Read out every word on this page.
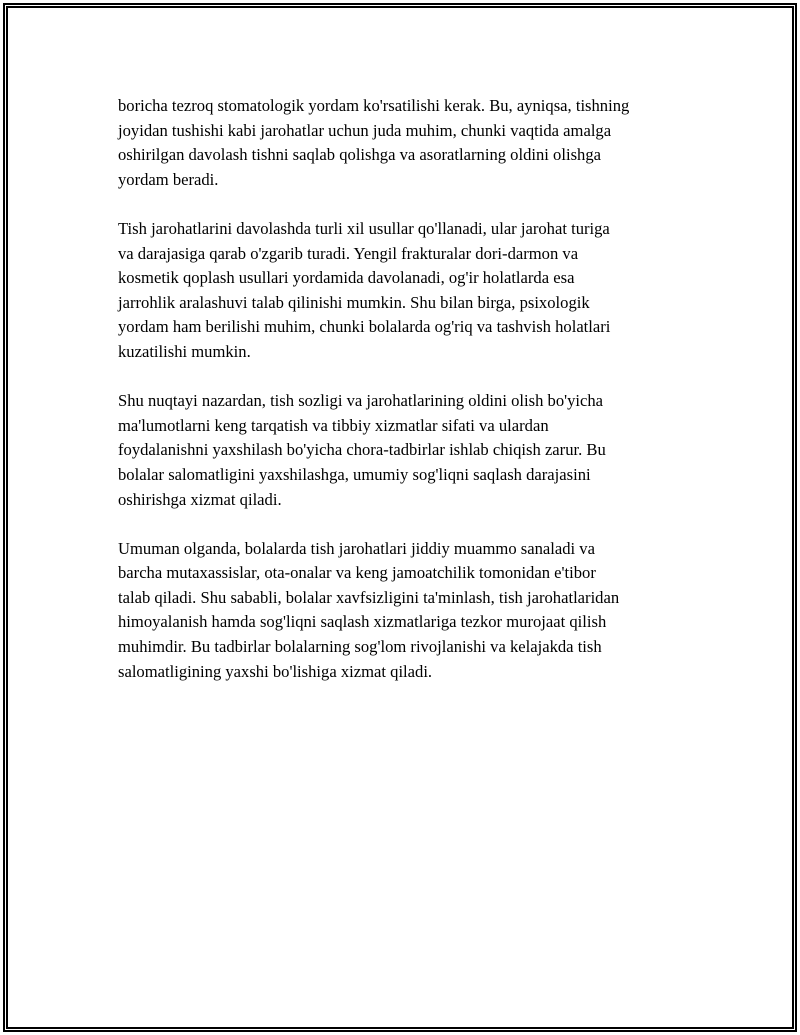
boricha tezroq stomatologik yordam ko'rsatilishi kerak. Bu, ayniqsa, tishning
joyidan tushishi kabi jarohatlar uchun juda muhim, chunki vaqtida amalga
oshirilgan davolash tishni saqlab qolishga va asoratlarning oldini olishga
yordam beradi.

Tish jarohatlarini davolashda turli xil usullar qo'llanadi, ular jarohat turiga
va darajasiga qarab o'zgarib turadi. Yengil frakturalar dori-darmon va
kosmetik qoplash usullari yordamida davolanadi, og'ir holatlarda esa
jarrohlik aralashuvi talab qilinishi mumkin. Shu bilan birga, psixologik
yordam ham berilishi muhim, chunki bolalarda og'riq va tashvish holatlari
kuzatilishi mumkin.

Shu nuqtayi nazardan, tish sozligi va jarohatlarining oldini olish bo'yicha
ma'lumotlarni keng tarqatish va tibbiy xizmatlar sifati va ulardan
foydalanishni yaxshilash bo'yicha chora-tadbirlar ishlab chiqish zarur. Bu
bolalar salomatligini yaxshilashga, umumiy sog'liqni saqlash darajasini
oshirishga xizmat qiladi.

Umuman olganda, bolalarda tish jarohatlari jiddiy muammo sanaladi va
barcha mutaxassislar, ota-onalar va keng jamoatchilik tomonidan e'tibor
talab qiladi. Shu sababli, bolalar xavfsizligini ta'minlash, tish jarohatlaridan
himoyalanish hamda sog'liqni saqlash xizmatlariga tezkor murojaat qilish
muhimdir. Bu tadbirlar bolalarning sog'lom rivojlanishi va kelajakda tish
salomatligining yaxshi bo'lishiga xizmat qiladi.
